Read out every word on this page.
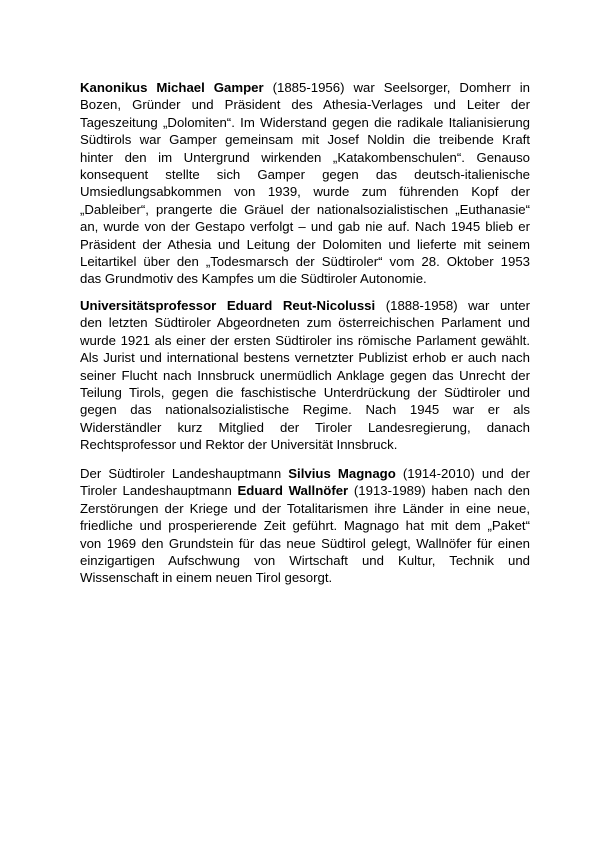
Kanonikus Michael Gamper (1885-1956) war Seelsorger, Domherr in
Bozen, Gründer und Präsident des Athesia-Verlages und Leiter der
Tageszeitung „Dolomiten“. Im Widerstand gegen die radikale Italianisierung
Südtirols war Gamper gemeinsam mit Josef Noldin die treibende Kraft
hinter den im Untergrund wirkenden „Katakombenschulen“. Genauso
konsequent stellte sich Gamper gegen das deutsch-italienische
Umsiedlungsabkommen von 1939, wurde zum führenden Kopf der
„Dableiber“, prangerte die Gräuel der nationalsozialistischen „Euthanasie“
an, wurde von der Gestapo verfolgt – und gab nie auf. Nach 1945 blieb er
Präsident der Athesia und Leitung der Dolomiten und lieferte mit seinem
Leitartikel über den „Todesmarsch der Südtiroler“ vom 28. Oktober 1953
das Grundmotiv des Kampfes um die Südtiroler Autonomie.
Universitätsprofessor Eduard Reut-Nicolussi (1888-1958) war unter
den letzten Südtiroler Abgeordneten zum österreichischen Parlament und
wurde 1921 als einer der ersten Südtiroler ins römische Parlament gewählt.
Als Jurist und international bestens vernetzter Publizist erhob er auch nach
seiner Flucht nach Innsbruck unermüdlich Anklage gegen das Unrecht der
Teilung Tirols, gegen die faschistische Unterdrückung der Südtiroler und
gegen das nationalsozialistische Regime. Nach 1945 war er als
Widerständler kurz Mitglied der Tiroler Landesregierung, danach
Rechtsprofessor und Rektor der Universität Innsbruck.
Der Südtiroler Landeshauptmann Silvius Magnago (1914-2010) und der
Tiroler Landeshauptmann Eduard Wallnöfer (1913-1989) haben nach den
Zerstörungen der Kriege und der Totalitarismen ihre Länder in eine neue,
friedliche und prosperierende Zeit geführt. Magnago hat mit dem „Paket“
von 1969 den Grundstein für das neue Südtirol gelegt, Wallnöfer für einen
einzigartigen Aufschwung von Wirtschaft und Kultur, Technik und
Wissenschaft in einem neuen Tirol gesorgt.
